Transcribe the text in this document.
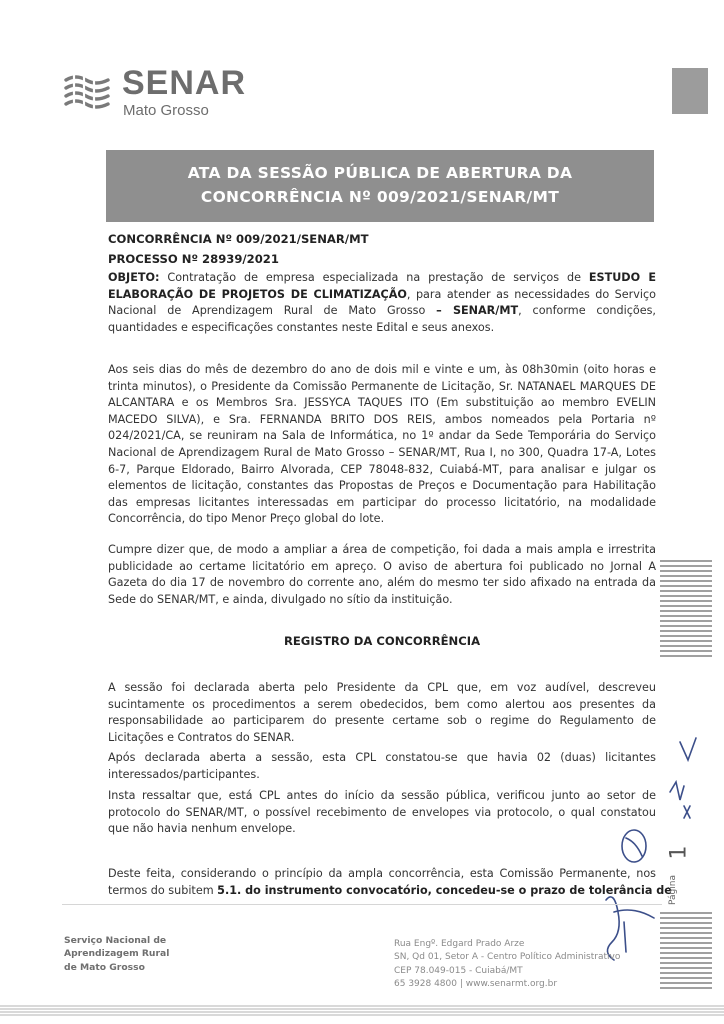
SENAR
Mato Grosso
ATA DA SESSÃO PÚBLICA DE ABERTURA DA
CONCORRÊNCIA Nº 009/2021/SENAR/MT
CONCORRÊNCIA Nº 009/2021/SENAR/MT
PROCESSO Nº 28939/2021
OBJETO: Contratação de empresa especializada na prestação de serviços de ESTUDO E
ELABORAÇÃO DE PROJETOS DE CLIMATIZAÇÃO, para atender as necessidades do Serviço
Nacional de Aprendizagem Rural de Mato Grosso – SENAR/MT, conforme condições,
quantidades e especificações constantes neste Edital e seus anexos.
Aos seis dias do mês de dezembro do ano de dois mil e vinte e um, às 08h30min (oito horas e
trinta minutos), o Presidente da Comissão Permanente de Licitação, Sr. NATANAEL MARQUES DE
ALCANTARA e os Membros Sra. JESSYCA TAQUES ITO (Em substituição ao membro EVELIN
MACEDO SILVA), e Sra. FERNANDA BRITO DOS REIS, ambos nomeados pela Portaria nº
024/2021/CA, se reuniram na Sala de Informática, no 1º andar da Sede Temporária do Serviço
Nacional de Aprendizagem Rural de Mato Grosso – SENAR/MT, Rua I, no 300, Quadra 17-A, Lotes
6-7, Parque Eldorado, Bairro Alvorada, CEP 78048-832, Cuiabá-MT, para analisar e julgar os
elementos de licitação, constantes das Propostas de Preços e Documentação para Habilitação
das empresas licitantes interessadas em participar do processo licitatório, na modalidade
Concorrência, do tipo Menor Preço global do lote.
Cumpre dizer que, de modo a ampliar a área de competição, foi dada a mais ampla e irrestrita
publicidade ao certame licitatório em apreço. O aviso de abertura foi publicado no Jornal A
Gazeta do dia 17 de novembro do corrente ano, além do mesmo ter sido afixado na entrada da
Sede do SENAR/MT, e ainda, divulgado no sítio da instituição.
REGISTRO DA CONCORRÊNCIA
A sessão foi declarada aberta pelo Presidente da CPL que, em voz audível, descreveu
sucintamente os procedimentos a serem obedecidos, bem como alertou aos presentes da
responsabilidade ao participarem do presente certame sob o regime do Regulamento de
Licitações e Contratos do SENAR.
Após declarada aberta a sessão, esta CPL constatou-se que havia 02 (duas) licitantes
interessados/participantes.
Insta ressaltar que, está CPL antes do início da sessão pública, verificou junto ao setor de
protocolo do SENAR/MT, o possível recebimento de envelopes via protocolo, o qual constatou
que não havia nenhum envelope.
Deste feita, considerando o princípio da ampla concorrência, esta Comissão Permanente, nos
termos do subitem 5.1. do instrumento convocatório, concedeu-se o prazo de tolerância de
Página
1
Serviço Nacional de
Aprendizagem Rural
de Mato Grosso
Rua Engº. Edgard Prado Arze
SN, Qd 01, Setor A - Centro Político Administrativo
CEP 78.049-015 - Cuiabá/MT
65 3928 4800 | www.senarmt.org.br
